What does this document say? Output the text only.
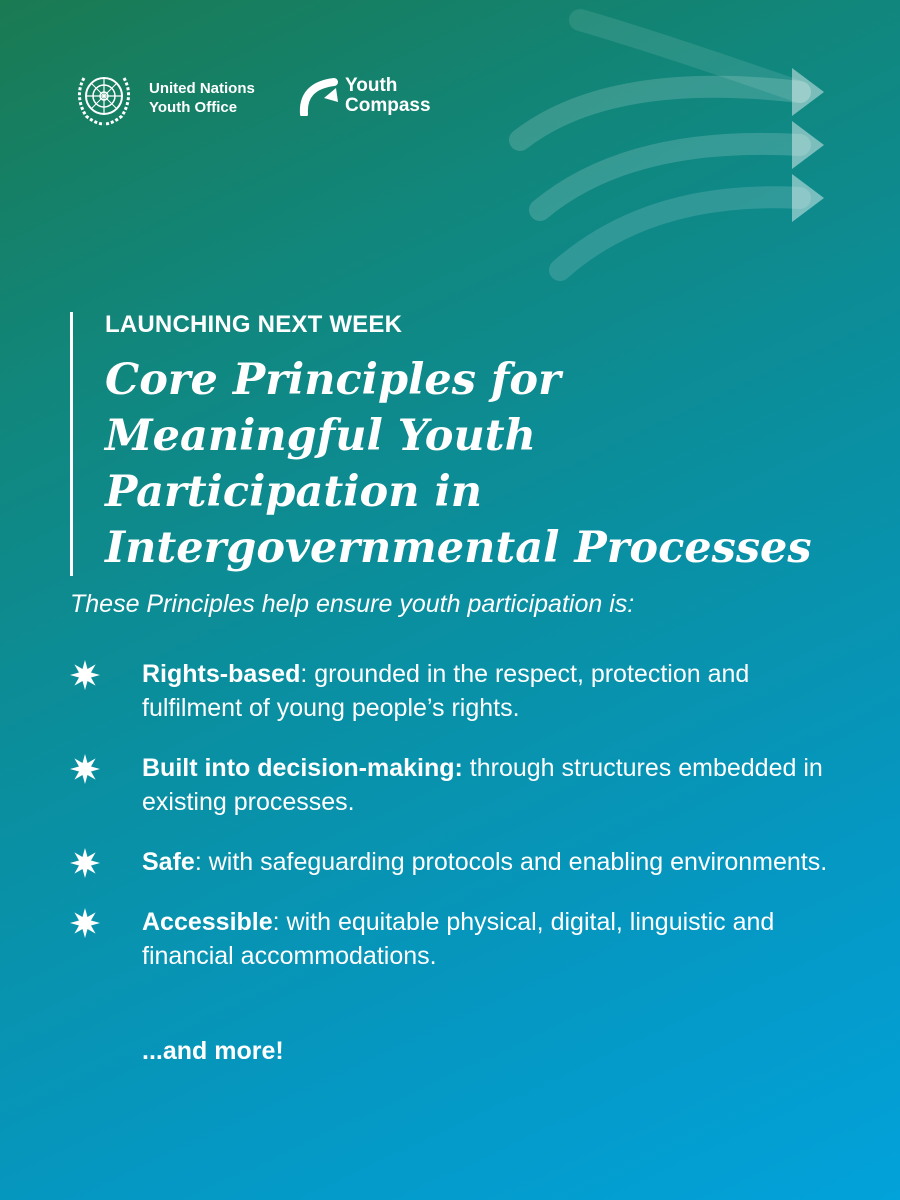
United Nations
Youth Office
Youth
Compass

LAUNCHING NEXT WEEK

Core Principles for Meaningful Youth Participation in Intergovernmental Processes

These Principles help ensure youth participation is:

Rights-based: grounded in the respect, protection and fulfilment of young people’s rights.
Built into decision-making: through structures embedded in existing processes.
Safe: with safeguarding protocols and enabling environments.
Accessible: with equitable physical, digital, linguistic and financial accommodations.

...and more!
